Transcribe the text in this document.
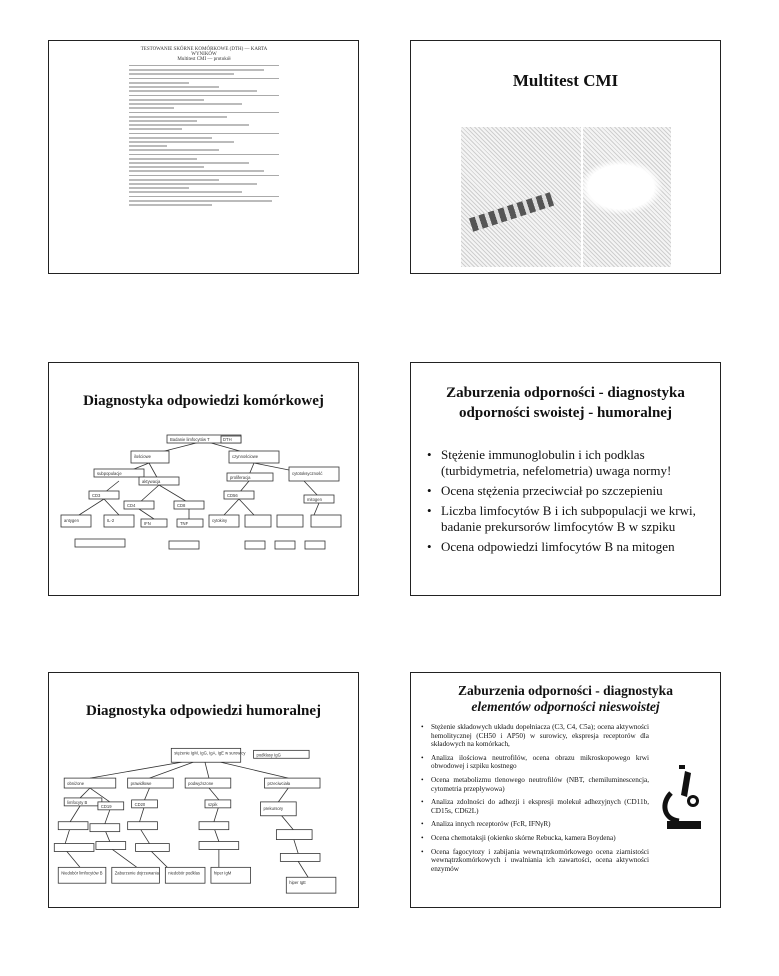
TESTOWANIE SKÓRNE KOMÓRKOWE (DTH) — KARTA WYNIKÓW
Multitest CMI — protokół
Multitest CMI
Diagnostyka odpowiedzi komórkowej
Badanie limfocytów T	DTH
ilościowe	czynnościowe
subpopulacje
aktywacja
proliferacja
cytotoksyczność
CD3
CD4	CD8
CD56
mitogen
antygen	IL-2
IFN	TNF
cytokiny
Zaburzenia odporności - diagnostyka
odporności swoistej - humoralnej
• Stężenie immunoglobulin i ich podklas (turbidymetria, nefelometria) uwaga normy!
• Ocena stężenia przeciwciał po szczepieniu
• Liczba limfocytów B i ich subpopulacji we krwi, badanie prekursorów limfocytów B w szpiku
• Ocena odpowiedzi limfocytów B na mitogen
Diagnostyka odpowiedzi humoralnej
stężenie IgM, IgG, IgA, IgE w surowicy	podklasy IgG
obniżone	prawidłowe	podwyższone	przeciwciała
limfocyty B
CD19	CD20	szpik
prekursory
Niedobór limfocytów B	Zaburzenie dojrzewania niedobór podklas	hiper IgM
hiper IgE
Zaburzenia odporności - diagnostyka
elementów odporności nieswoistej
• Stężenie składowych układu dopełniacza (C3, C4, C5a); ocena aktywności hemolitycznej (CH50 i AP50) w surowicy, ekspresja receptorów dla składowych na komórkach,
• Analiza ilościowa neutrofilów, ocena obrazu mikroskopowego krwi obwodowej i szpiku kostnego
• Ocena metabolizmu tlenowego neutrofilów (NBT, chemiluminescencja, cytometria przepływowa)
• Analiza zdolności do adhezji i ekspresji molekuł adhezyjnych (CD11b, CD15s, CD62L)
• Analiza innych receptorów (FcR, IFNγR)
• Ocena chemotaksji (okienko skórne Rebucka, kamera Boydena)
• Ocena fagocytozy i zabijania wewnątrzkomórkowego ocena ziarnistości wewnątrzkomórkowych i uwalniania ich zawartości, ocena aktywności enzymów
